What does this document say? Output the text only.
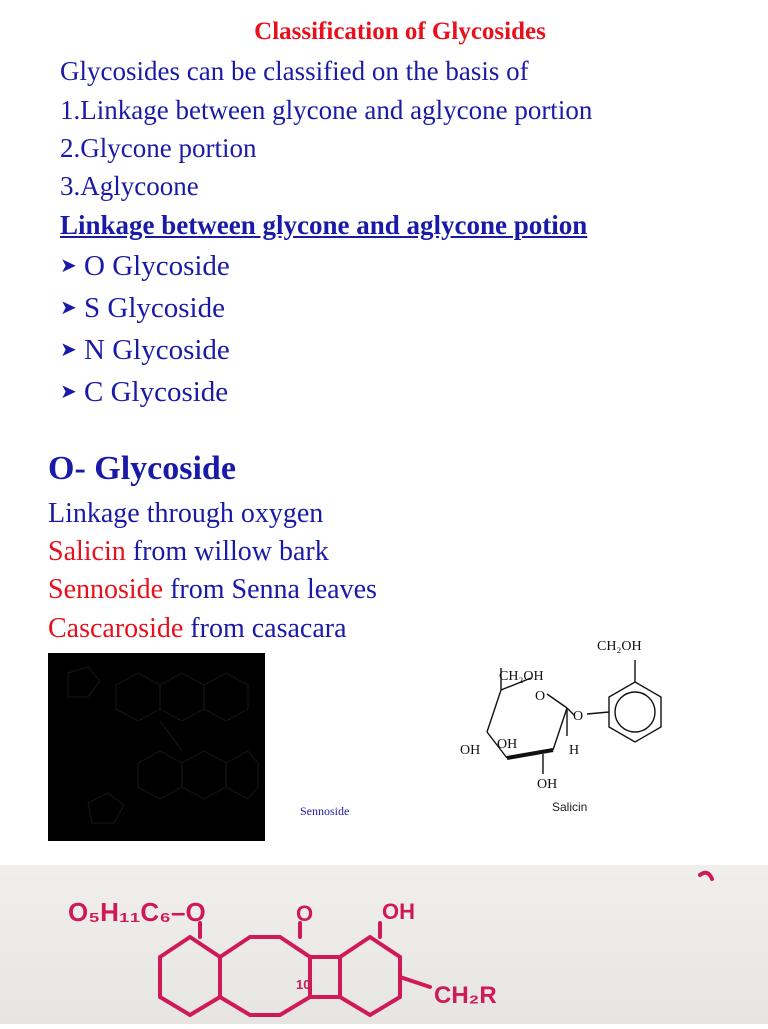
Classification of Glycosides
Glycosides can be classified on the basis of
1.Linkage between glycone and aglycone portion
2.Glycone portion
3.Aglycoone
Linkage between glycone and aglycone potion
➤ O Glycoside
➤ S Glycoside
➤ N Glycoside
➤ C Glycoside
O- Glycoside
Linkage through oxygen
Salicin from willow bark
Sennoside from Senna leaves
Cascaroside from casacara
Sennoside
CH₂OH
CH₂OH
O
O
OH OH	H
OH
Salicin
O₅H₁₁C₆–O	O	OH
10	CH₂R
